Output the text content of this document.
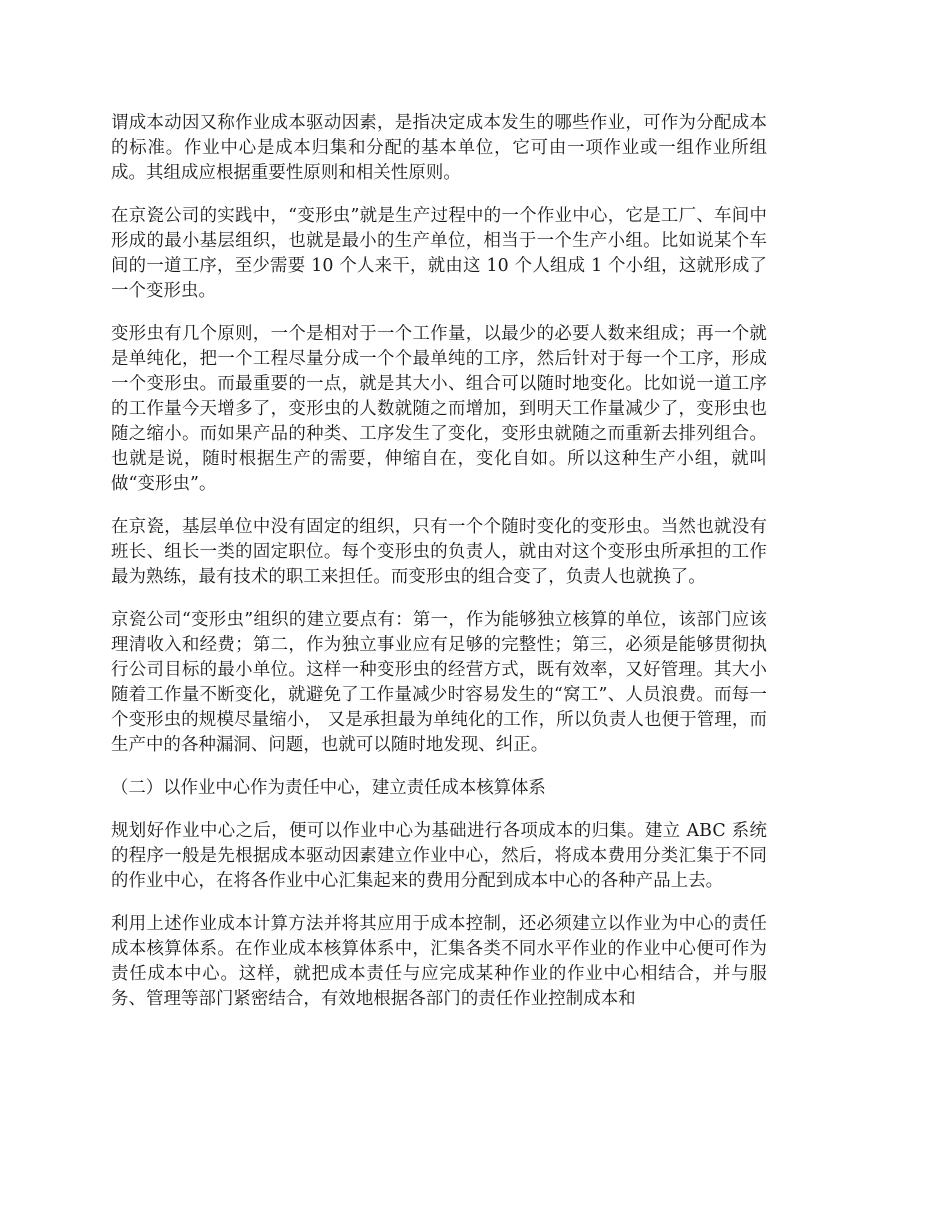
谓成本动因又称作业成本驱动因素，是指决定成本发生的哪些作业，可作为分配成本的标准。作业中心是成本归集和分配的基本单位，它可由一项作业或一组作业所组成。其组成应根据重要性原则和相关性原则。

在京瓷公司的实践中，“变形虫”就是生产过程中的一个作业中心，它是工厂、车间中形成的最小基层组织，也就是最小的生产单位，相当于一个生产小组。比如说某个车间的一道工序，至少需要 10 个人来干，就由这 10 个人组成 1 个小组，这就形成了一个变形虫。

变形虫有几个原则，一个是相对于一个工作量，以最少的必要人数来组成；再一个就是单纯化，把一个工程尽量分成一个个最单纯的工序，然后针对于每一个工序，形成一个变形虫。而最重要的一点，就是其大小、组合可以随时地变化。比如说一道工序的工作量今天增多了，变形虫的人数就随之而增加，到明天工作量减少了，变形虫也随之缩小。而如果产品的种类、工序发生了变化，变形虫就随之而重新去排列组合。也就是说，随时根据生产的需要，伸缩自在，变化自如。所以这种生产小组，就叫做“变形虫”。

在京瓷，基层单位中没有固定的组织，只有一个个随时变化的变形虫。当然也就没有班长、组长一类的固定职位。每个变形虫的负责人，就由对这个变形虫所承担的工作最为熟练，最有技术的职工来担任。而变形虫的组合变了，负责人也就换了。

京瓷公司“变形虫”组织的建立要点有：第一，作为能够独立核算的单位，该部门应该理清收入和经费；第二，作为独立事业应有足够的完整性；第三，必须是能够贯彻执行公司目标的最小单位。这样一种变形虫的经营方式，既有效率，又好管理。其大小随着工作量不断变化，就避免了工作量减少时容易发生的“窝工”、人员浪费。而每一个变形虫的规模尽量缩小， 又是承担最为单纯化的工作，所以负责人也便于管理，而生产中的各种漏洞、问题，也就可以随时地发现、纠正。

（二）以作业中心作为责任中心，建立责任成本核算体系

规划好作业中心之后，便可以作业中心为基础进行各项成本的归集。建立 ABC 系统的程序一般是先根据成本驱动因素建立作业中心，然后，将成本费用分类汇集于不同的作业中心，在将各作业中心汇集起来的费用分配到成本中心的各种产品上去。

利用上述作业成本计算方法并将其应用于成本控制，还必须建立以作业为中心的责任成本核算体系。在作业成本核算体系中，汇集各类不同水平作业的作业中心便可作为责任成本中心。这样，就把成本责任与应完成某种作业的作业中心相结合，并与服务、管理等部门紧密结合，有效地根据各部门的责任作业控制成本和
